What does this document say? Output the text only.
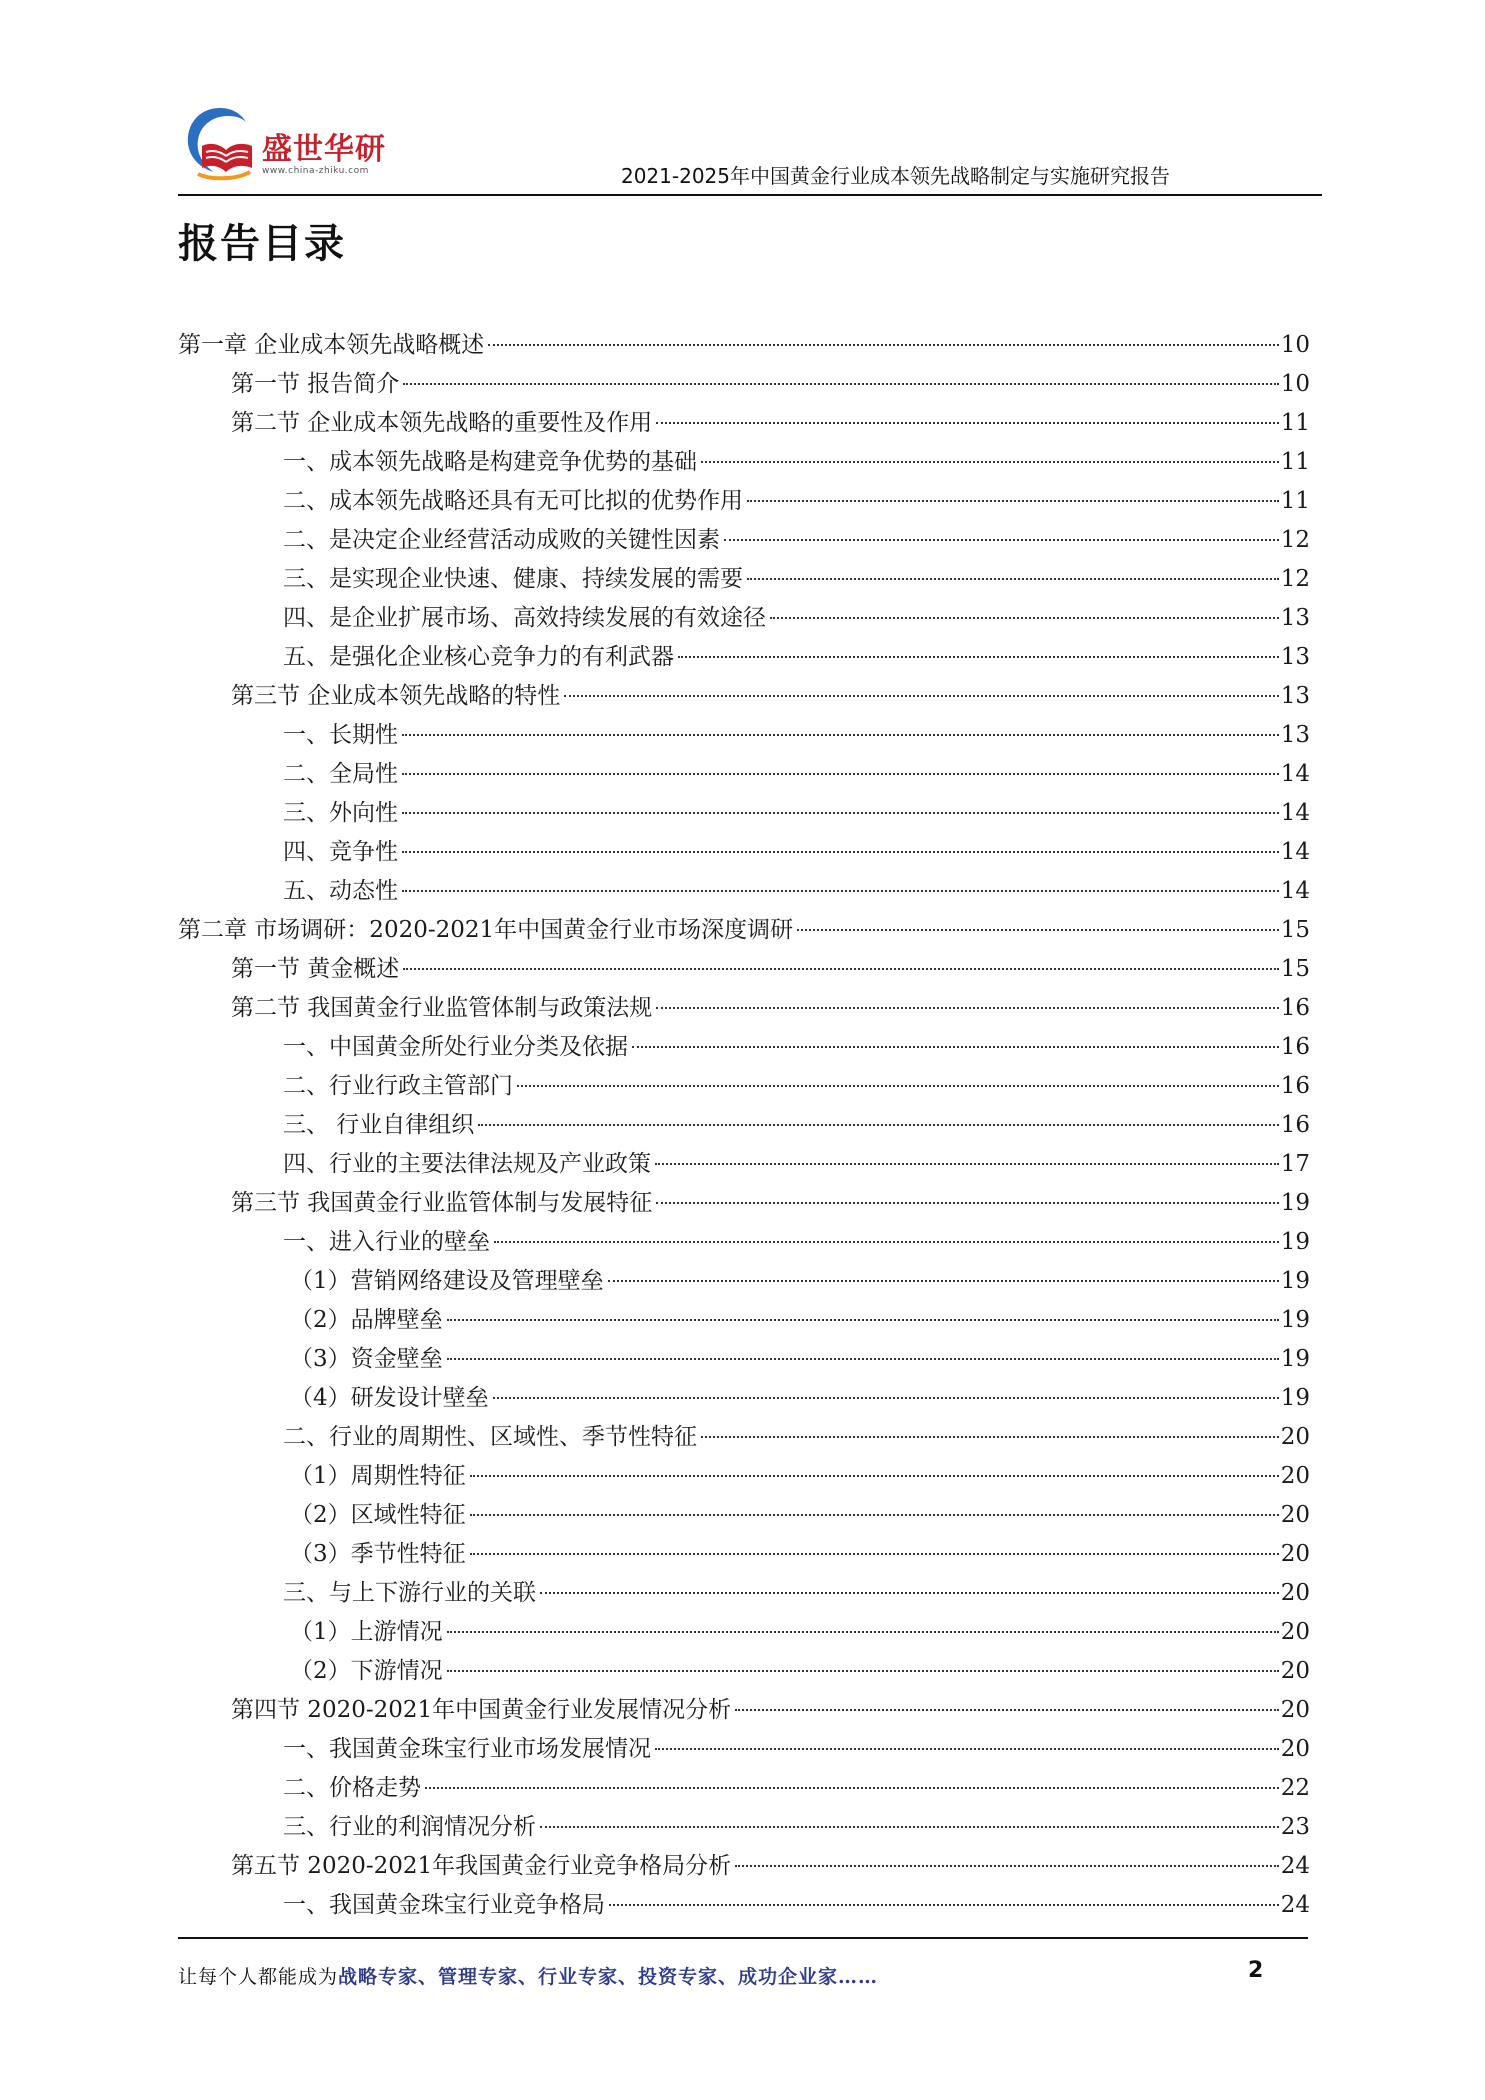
盛世华研
www.china-zhiku.com	2021-2025年中国黄金行业成本领先战略制定与实施研究报告
报告目录
第一章 企业成本领先战略概述	10
第一节 报告简介	10
第二节 企业成本领先战略的重要性及作用	11
一、成本领先战略是构建竞争优势的基础	11
二、成本领先战略还具有无可比拟的优势作用	11
二、是决定企业经营活动成败的关键性因素	12
三、是实现企业快速、健康、持续发展的需要	12
四、是企业扩展市场、高效持续发展的有效途径	13
五、是强化企业核心竞争力的有利武器	13
第三节 企业成本领先战略的特性	13
一、长期性	13
二、全局性	14
三、外向性	14
四、竞争性	14
五、动态性	14
第二章 市场调研：2020-2021年中国黄金行业市场深度调研	15
第一节 黄金概述	15
第二节 我国黄金行业监管体制与政策法规	16
一、中国黄金所处行业分类及依据	16
二、行业行政主管部门	16
三、 行业自律组织	16
四、行业的主要法律法规及产业政策	17
第三节 我国黄金行业监管体制与发展特征	19
一、进入行业的壁垒	19
（1）营销网络建设及管理壁垒	19
（2）品牌壁垒	19
（3）资金壁垒	19
（4）研发设计壁垒	19
二、行业的周期性、区域性、季节性特征	20
（1）周期性特征	20
（2）区域性特征	20
（3）季节性特征	20
三、与上下游行业的关联	20
（1）上游情况	20
（2）下游情况	20
第四节 2020-2021年中国黄金行业发展情况分析	20
一、我国黄金珠宝行业市场发展情况	20
二、价格走势	22
三、行业的利润情况分析	23
第五节 2020-2021年我国黄金行业竞争格局分析	24
一、我国黄金珠宝行业竞争格局	24
让每个人都能成为战略专家、管理专家、行业专家、投资专家、成功企业家……	2
